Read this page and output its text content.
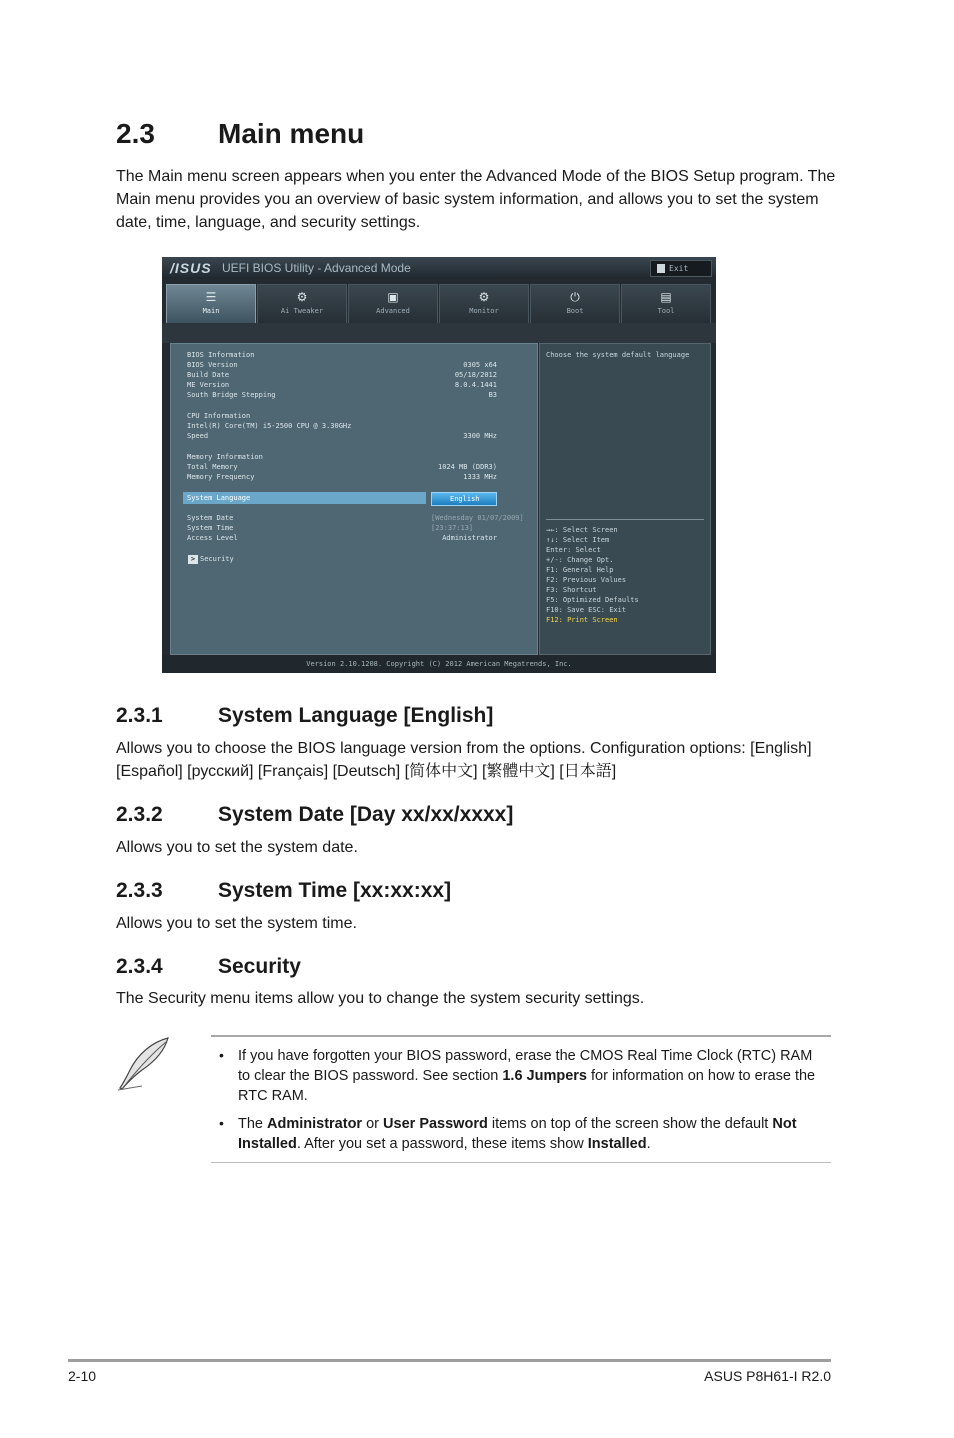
2.3 Main menu
The Main menu screen appears when you enter the Advanced Mode of the BIOS Setup program. The Main menu provides you an overview of basic system information, and allows you to set the system date, time, language, and security settings.
/ISUS UEFI BIOS Utility - Advanced Mode	Exit
☰
Main
⚙
Ai Tweaker
▣
Advanced
⚙
Monitor
⏻
Boot
▤
Tool
BIOS Information
BIOS Version	0305 x64
Build Date	05/18/2012
ME Version	8.0.4.1441
South Bridge Stepping	B3
CPU Information
Intel(R) Core(TM) i5-2500 CPU @ 3.30GHz
Speed	3300 MHz
Memory Information
Total Memory	1024 MB (DDR3)
Memory Frequency	1333 MHz
System Language	English
System Date	[Wednesday 01/07/2009]
System Time	[23:37:13]
Access Level	Administrator
> Security
Choose the system default language
→←: Select Screen
↑↓: Select Item
Enter: Select
+/-: Change Opt.
F1: General Help
F2: Previous Values
F3: Shortcut
F5: Optimized Defaults
F10: Save ESC: Exit
F12: Print Screen
Version 2.10.1208. Copyright (C) 2012 American Megatrends, Inc.
2.3.1	System Language [English]
Allows you to choose the BIOS language version from the options. Configuration options: [English] [Español] [русский] [Français] [Deutsch] [简体中文] [繁體中文] [日本語]
2.3.2	System Date [Day xx/xx/xxxx]
Allows you to set the system date.
2.3.3	System Time [xx:xx:xx]
Allows you to set the system time.
2.3.4	Security
The Security menu items allow you to change the system security settings.
• If you have forgotten your BIOS password, erase the CMOS Real Time Clock (RTC) RAM to clear the BIOS password. See section 1.6 Jumpers for information on how to erase the RTC RAM.
• The Administrator or User Password items on top of the screen show the default Not Installed. After you set a password, these items show Installed.
2-10	ASUS P8H61-I R2.0
